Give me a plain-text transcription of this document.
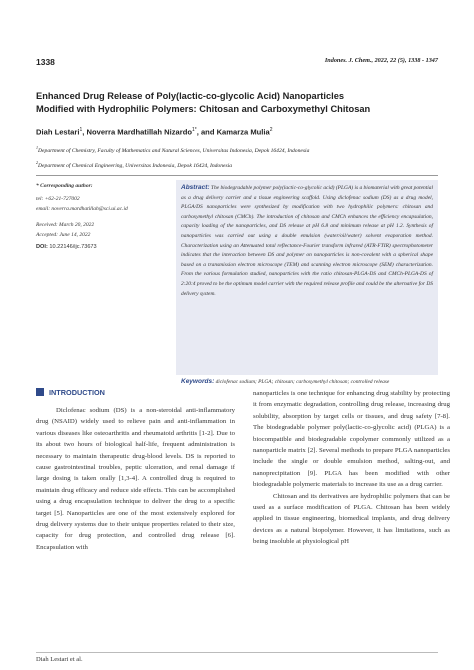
1338	Indones. J. Chem., 2022, 22 (5), 1338 - 1347
Enhanced Drug Release of Poly(lactic-co-glycolic Acid) Nanoparticles
Modified with Hydrophilic Polymers: Chitosan and Carboxymethyl Chitosan
Diah Lestari$^1$, Noverra Mardhatillah Nizardo$^{1*}$, and Kamarza Mulia$^2$
$^1$Department of Chemistry, Faculty of Mathematics and Natural Sciences, Universitas Indonesia, Depok 16424, Indonesia
$^2$Department of Chemical Engineering, Universitas Indonesia, Depok 16424, Indonesia
* Corresponding author:
tel: +62-21-727002
email: noverra.mardhatillah@sci.ui.ac.id
Received: March 20, 2022
Accepted: June 14, 2022
DOI: 10.22146/ijc.73673

Abstract: The biodegradable polymer poly(lactic-co-glycolic acid) (PLGA) is a biomaterial with great potential as a drug delivery carrier and a tissue engineering scaffold. Using diclofenac sodium (DS) as a drug model, PLGA/DS nanoparticles were synthesized by modification with two hydrophilic polymers: chitosan and carboxymethyl chitosan (CMCh). The introduction of chitosan and CMCh enhances the efficiency encapsulation, capacity loading of the nanoparticles, and DS release at pH 6.8 and minimum release at pH 1.2. Synthesis of nanoparticles was carried out using a double emulsion (water/oil/water) solvent evaporation method. Characterization using an Attenuated total reflectance-Fourier transform infrared (ATR-FTIR) spectrophotometer indicates that the interaction between DS and polymer on nanoparticles is non-covalent with a spherical shape based on a transmission electron microscope (TEM) and scanning electron microscope (SEM) characterization. From the various formulation studied, nanoparticles with the ratio chitosan-PLGA-DS and CMCh-PLGA-DS of 2:20:4 proved to be the optimum model carrier with the required release profile and could be the alternative for DS delivery system.

Keywords: diclofenac sodium; PLGA; chitosan; carboxymethyl chitosan; controlled release
INTRODUCTION

Diclofenac sodium (DS) is a non-steroidal anti-inflammatory drug (NSAID) widely used to relieve pain and anti-inflammation in various diseases like osteoarthritis and rheumatoid arthritis [1-2]. Due to its about two hours of biological half-life, frequent administration is necessary to maintain therapeutic drug-blood levels. DS is reported to cause gastrointestinal troubles, peptic ulceration, and renal damage if large dosing is taken orally [1,3-4]. A controlled drug is required to maintain drug efficacy and reduce side effects. This can be accomplished using a drug encapsulation technique to deliver the drug to a specific target [5]. Nanoparticles are one of the most extensively explored for drug delivery systems due to their unique properties related to their size, capacity for drug protection, and controlled drug release [6]. Encapsulation with

nanoparticles is one technique for enhancing drug stability by protecting it from enzymatic degradation, controlling drug release, increasing drug solubility, absorption by target cells or tissues, and drug safety [7-8]. The biodegradable polymer poly(lactic-co-glycolic acid) (PLGA) is a biocompatible and biodegradable copolymer commonly utilized as a nanoparticle matrix [2]. Several methods to prepare PLGA nanoparticles include the single or double emulsion method, salting-out, and nanoprecipitation [9]. PLGA has been modified with other biodegradable polymeric materials to increase its use as a drug carrier.

Chitosan and its derivatives are hydrophilic polymers that can be used as a surface modification of PLGA. Chitosan has been widely applied in tissue engineering, biomedical implants, and drug delivery devices as a natural biopolymer. However, it has limitations, such as being insoluble at physiological pH

Diah Lestari et al.
